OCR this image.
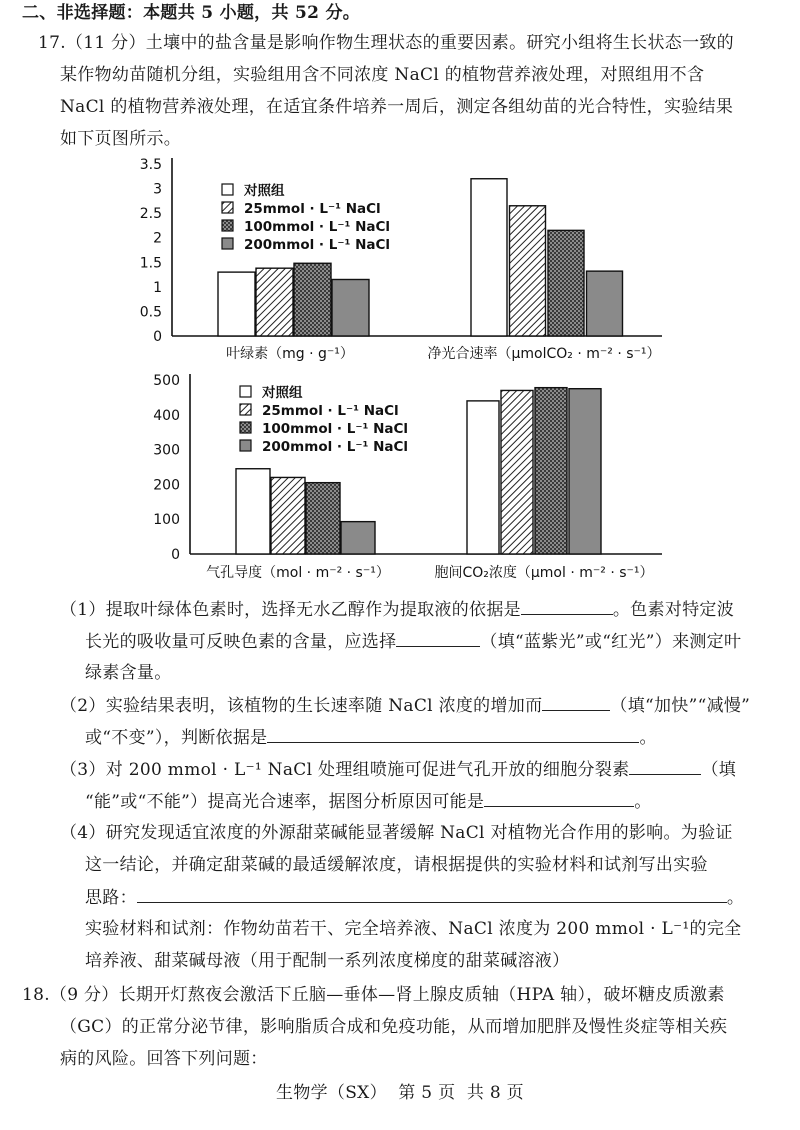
二、非选择题：本题共 5 小题，共 52 分。
17.（11 分）土壤中的盐含量是影响作物生理状态的重要因素。研究小组将生长状态一致的
某作物幼苗随机分组，实验组用含不同浓度 NaCl 的植物营养液处理，对照组用不含
NaCl 的植物营养液处理，在适宜条件培养一周后，测定各组幼苗的光合特性，实验结果
如下页图所示。
0
0.5
1
1.5
2
2.5
3
3.5
叶绿素（mg · g⁻¹）	净光合速率（μmolCO₂ · m⁻² · s⁻¹）
对照组
25mmol · L⁻¹ NaCl
100mmol · L⁻¹ NaCl
200mmol · L⁻¹ NaCl
0
100
200
300
400
500
气孔导度（mol · m⁻² · s⁻¹）	胞间CO₂浓度（μmol · m⁻² · s⁻¹）
对照组
25mmol · L⁻¹ NaCl
100mmol · L⁻¹ NaCl
200mmol · L⁻¹ NaCl
（1）提取叶绿体色素时，选择无水乙醇作为提取液的依据是	。色素对特定波
长光的吸收量可反映色素的含量，应选择	（填“蓝紫光”或“红光”）来测定叶
绿素含量。
（2）实验结果表明，该植物的生长速率随 NaCl 浓度的增加而	（填“加快”“减慢”
或“不变”），判断依据是	。
（3）对 200 mmol · L⁻¹ NaCl 处理组喷施可促进气孔开放的细胞分裂素	（填
“能”或“不能”）提高光合速率，据图分析原因可能是	。
（4）研究发现适宜浓度的外源甜菜碱能显著缓解 NaCl 对植物光合作用的影响。为验证
这一结论，并确定甜菜碱的最适缓解浓度，请根据提供的实验材料和试剂写出实验
思路：	。
实验材料和试剂：作物幼苗若干、完全培养液、NaCl 浓度为 200 mmol · L⁻¹的完全
培养液、甜菜碱母液（用于配制一系列浓度梯度的甜菜碱溶液）
18.（9 分）长期开灯熬夜会激活下丘脑—垂体—肾上腺皮质轴（HPA 轴），破坏糖皮质激素
（GC）的正常分泌节律，影响脂质合成和免疫功能，从而增加肥胖及慢性炎症等相关疾
病的风险。回答下列问题：
生物学（SX）  第 5 页  共 8 页
